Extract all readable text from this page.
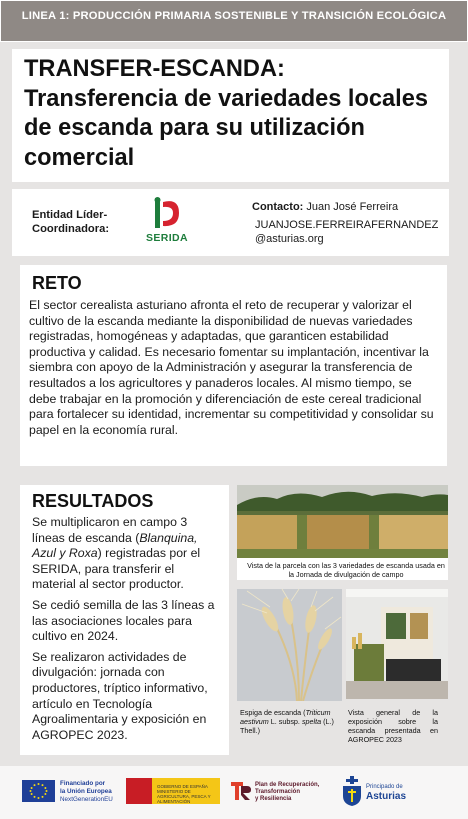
LINEA 1: PRODUCCIÓN PRIMARIA SOSTENIBLE Y TRANSICIÓN ECOLÓGICA
TRANSFER-ESCANDA: Transferencia de variedades locales de escanda para su utilización comercial
Entidad Líder- Coordinadora:
SERIDA
Contacto: Juan José Ferreira
JUANJOSE.FERREIRAFERNANDEZ @asturias.org
RETO

El sector cerealista asturiano afronta el reto de recuperar y valorizar el cultivo de la escanda mediante la disponibilidad de nuevas variedades registradas, homogéneas y adaptadas, que garanticen estabilidad productiva y calidad. Es necesario fomentar su implantación, incentivar la siembra con apoyo de la Administración y asegurar la transferencia de resultados a los agricultores y panaderos locales. Al mismo tiempo, se debe trabajar en la promoción y diferenciación de este cereal tradicional para fortalecer su identidad, incrementar su competitividad y consolidar su papel en la economía rural.

RESULTADOS

Se multiplicaron en campo 3 líneas de escanda (Blanquina, Azul y Roxa) registradas por el SERIDA, para transferir el material al sector productor.

Se cedió semilla de las 3 líneas a las asociaciones locales para cultivo en 2024.

Se realizaron actividades de divulgación: jornada con productores, tríptico informativo, artículo en Tecnología Agroalimentaria y exposición en AGROPEC 2023.

Vista de la parcela con las 3 variedades de escanda usada en la Jornada de divulgación de campo
Espiga de escanda (Triticum aestivum L. subsp. spelta (L.) Thell.)
Vista general de la exposición sobre la escanda presentada en AGROPEC 2023
Financiado por
la Unión Europea
NextGenerationEU
GOBIERNO DE ESPAÑA MINISTERIO DE AGRICULTURA, PESCA Y ALIMENTACIÓN
Plan de Recuperación,
Transformación
y Resiliencia
Principado de
Asturias
